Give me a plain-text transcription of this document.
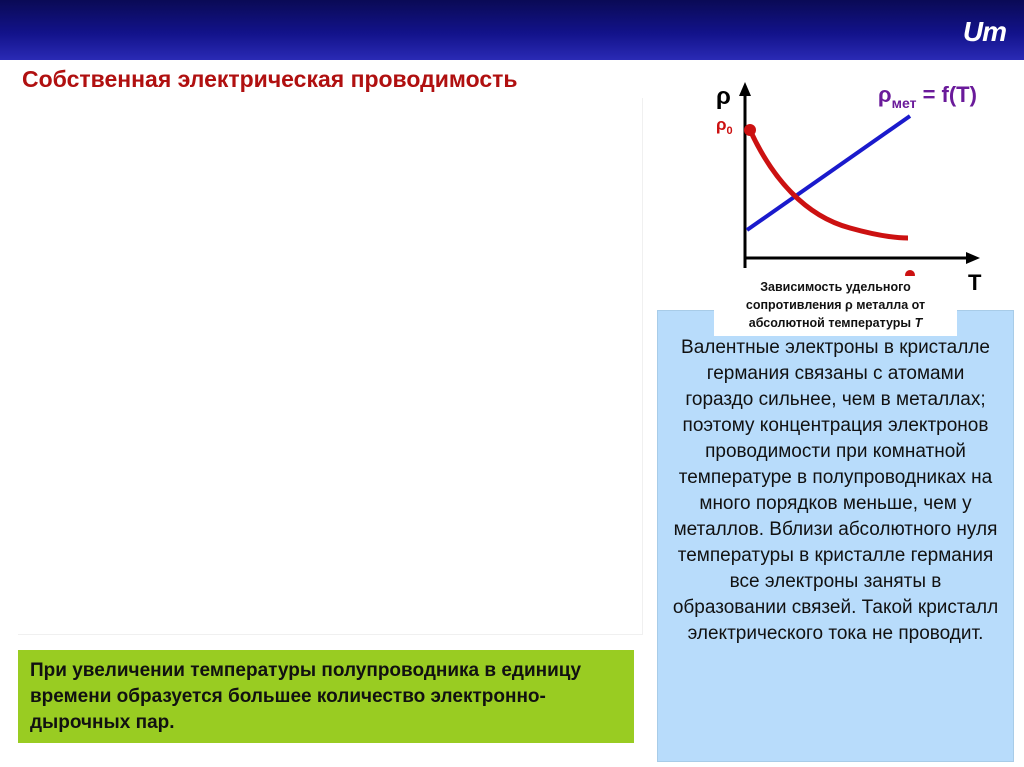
Um
Собственная электрическая проводимость
При увеличении температуры полупроводника в единицу времени образуется большее количество электронно-дырочных пар.
Валентные электроны в кристалле германия связаны с атомами гораздо сильнее, чем в металлах; поэтому концентрация электронов проводимости при комнатной температуре в полупроводниках на много порядков меньше, чем у металлов. Вблизи абсолютного нуля температуры в кристалле германия все электроны заняты в образовании связей. Такой кристалл электрического тока не проводит.
ρ
T
$\rho_0$
$\rho_{мет} = f(T)$
Зависимость удельного
сопротивления ρ металла от
абсолютной температуры T
